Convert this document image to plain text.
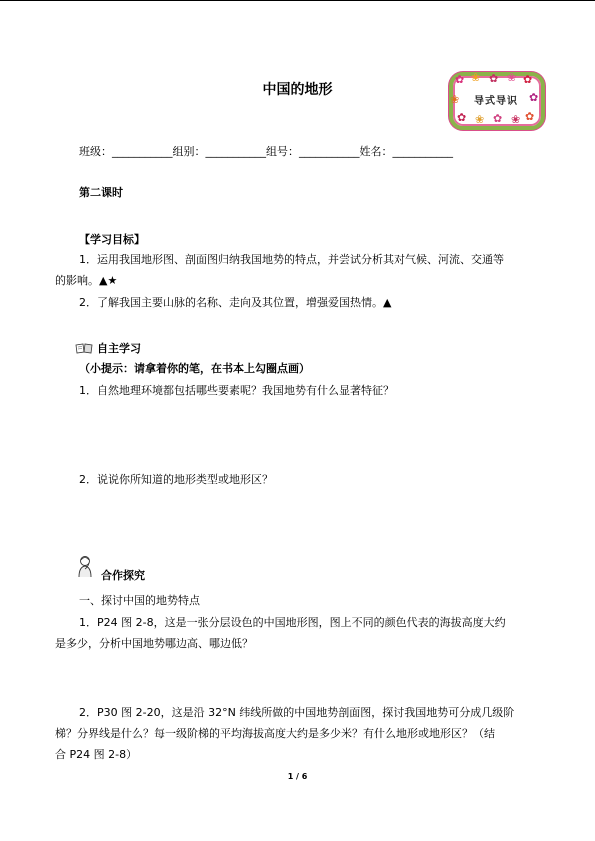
中国的地形
✿ ❀ ✿ ❀ ✿
❀	✿
✿ ❀ ✿ ❀ ✿
导式导识
班级：___________组别：___________组号：___________姓名：___________
第二课时
【学习目标】
1．运用我国地形图、剖面图归纳我国地势的特点，并尝试分析其对气候、河流、交通等
的影响。▲★
2．了解我国主要山脉的名称、走向及其位置，增强爱国热情。▲
自主学习
（小提示：请拿着你的笔，在书本上勾圈点画）
1．自然地理环境都包括哪些要素呢？我国地势有什么显著特征？
2．说说你所知道的地形类型或地形区？
合作探究
一、探讨中国的地势特点
1．P24 图 2-8，这是一张分层设色的中国地形图，图上不同的颜色代表的海拔高度大约
是多少，分析中国地势哪边高、哪边低？
2．P30 图 2-20，这是沿 32°N 纬线所做的中国地势剖面图，探讨我国地势可分成几级阶
梯？分界线是什么？每一级阶梯的平均海拔高度大约是多少米？有什么地形或地形区？（结
合 P24 图 2-8）
1 / 6
